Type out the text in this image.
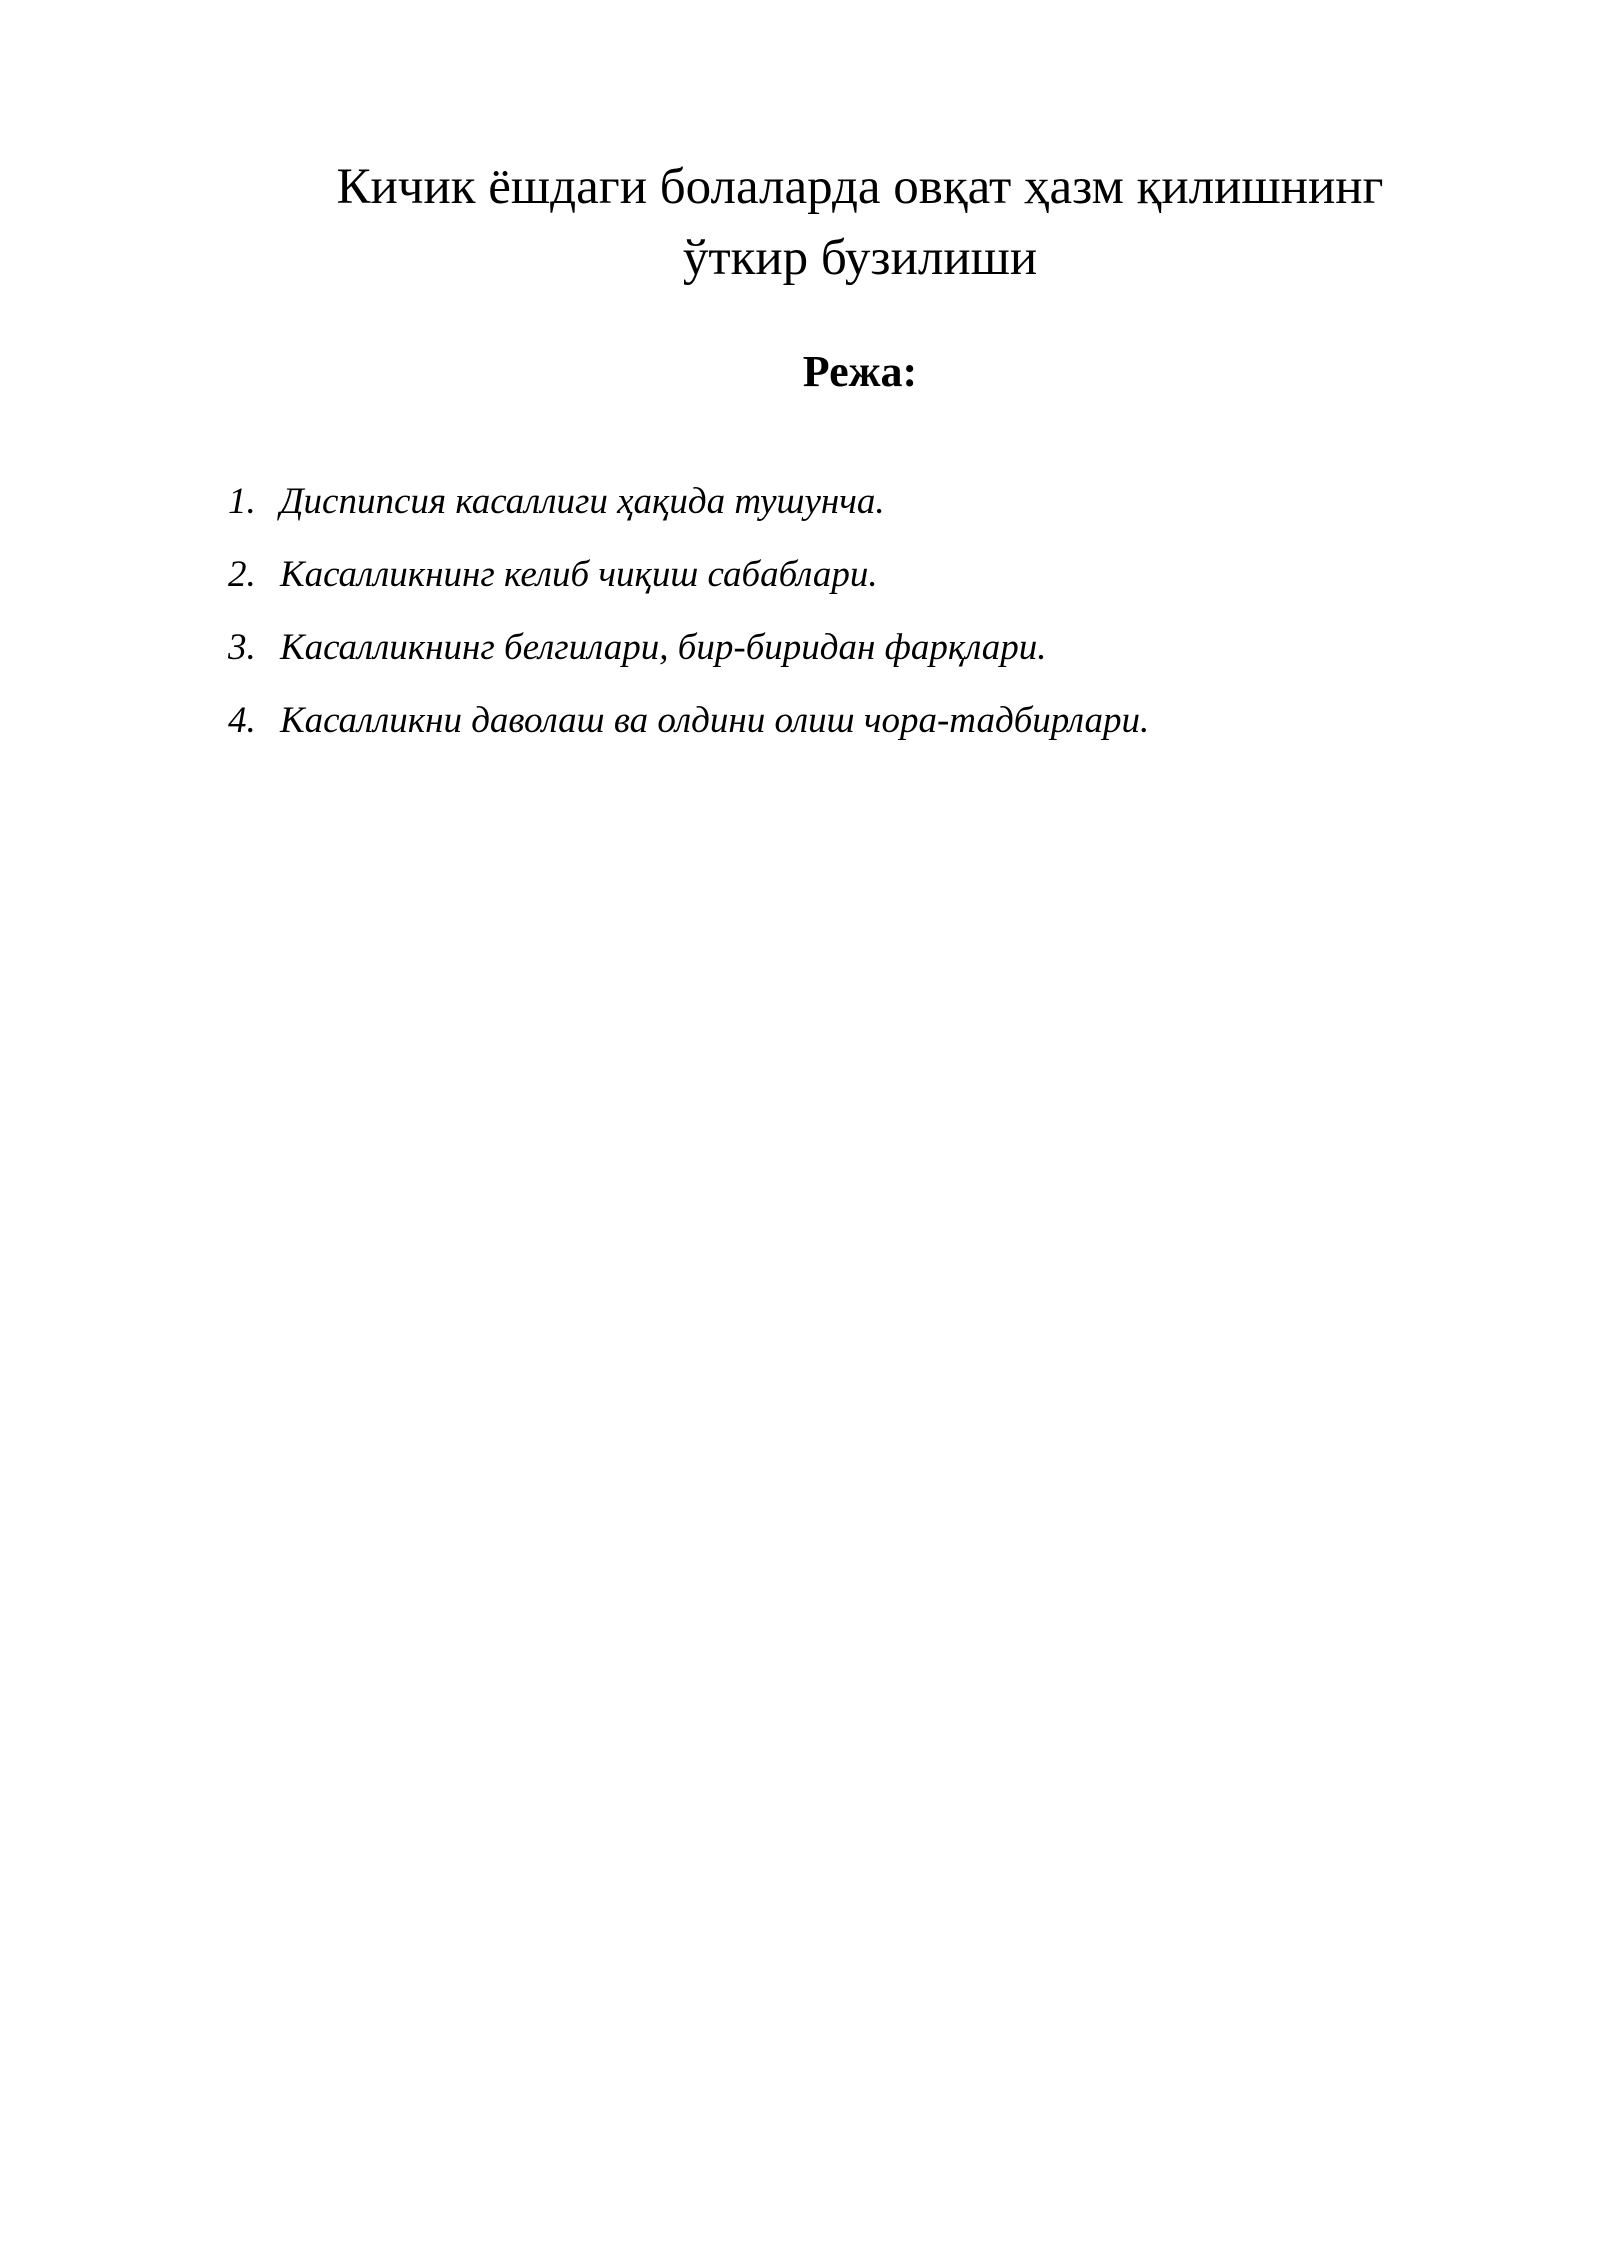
Кичик ёшдаги болаларда овқат ҳазм қилишнинг
ўткир бузилиши
Режа:
1. Диспипсия касаллиги ҳақида тушунча.
2. Касалликнинг келиб чиқиш сабаблари.
3. Касалликнинг белгилари, бир-биридан фарқлари.
4. Касалликни даволаш ва олдини олиш чора-тадбирлари.
